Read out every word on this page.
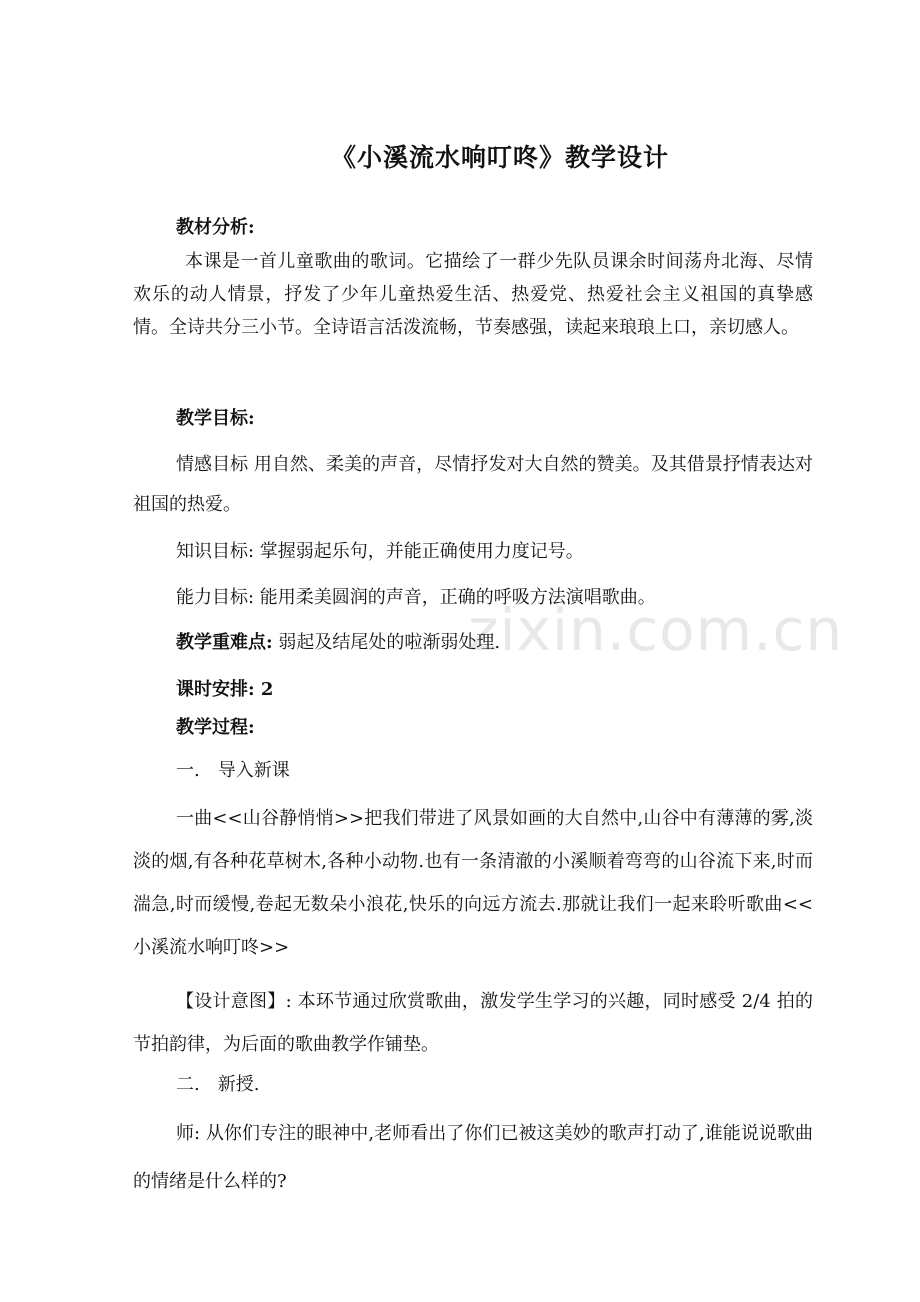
zixin.com.cn
《小溪流水响叮咚》教学设计
教材分析:
本课是一首儿童歌曲的歌词。它描绘了一群少先队员课余时间荡舟北海、尽情欢乐的动人情景，抒发了少年儿童热爱生活、热爱党、热爱社会主义祖国的真挚感情。全诗共分三小节。全诗语言活泼流畅，节奏感强，读起来琅琅上口，亲切感人。
教学目标:
情感目标 用自然、柔美的声音，尽情抒发对大自然的赞美。及其借景抒情表达对祖国的热爱。
知识目标: 掌握弱起乐句，并能正确使用力度记号。
能力目标: 能用柔美圆润的声音，正确的呼吸方法演唱歌曲。
教学重难点: 弱起及结尾处的啦渐弱处理.
课时安排: 2
教学过程:
一.　导入新课
一曲<<山谷静悄悄>>把我们带进了风景如画的大自然中,山谷中有薄薄的雾,淡淡的烟,有各种花草树木,各种小动物.也有一条清澈的小溪顺着弯弯的山谷流下来,时而湍急,时而缓慢,卷起无数朵小浪花,快乐的向远方流去.那就让我们一起来聆听歌曲<<小溪流水响叮咚>>
【设计意图】: 本环节通过欣赏歌曲，激发学生学习的兴趣，同时感受 2/4 拍的节拍韵律，为后面的歌曲教学作铺垫。
二.　新授.
师: 从你们专注的眼神中,老师看出了你们已被这美妙的歌声打动了,谁能说说歌曲的情绪是什么样的?
